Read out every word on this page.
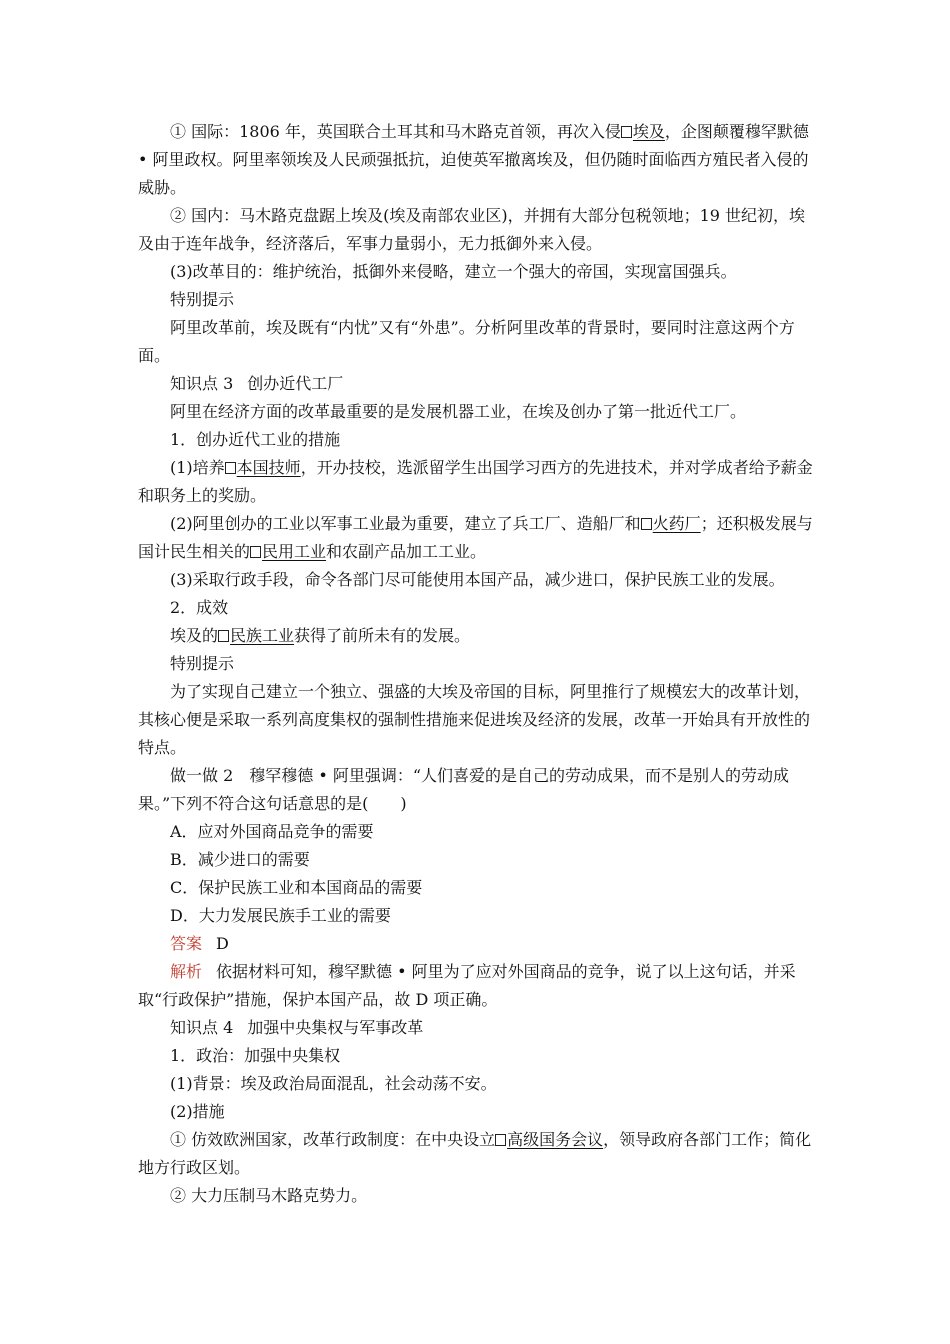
① 国际：1806 年，英国联合土耳其和马木路克首领，再次入侵 埃及，企图颠覆穆罕默德 • 阿里政权。阿里率领埃及人民顽强抵抗，迫使英军撤离埃及，但仍随时面临西方殖民者入侵的威胁。

② 国内：马木路克盘踞上埃及(埃及南部农业区)，并拥有大部分包税领地；19 世纪初，埃及由于连年战争，经济落后，军事力量弱小，无力抵御外来入侵。

(3)改革目的：维护统治，抵御外来侵略，建立一个强大的帝国，实现富国强兵。

特别提示

阿里改革前，埃及既有“内忧”又有“外患”。分析阿里改革的背景时，要同时注意这两个方面。

知识点 3 创办近代工厂

阿里在经济方面的改革最重要的是发展机器工业，在埃及创办了第一批近代工厂。

1．创办近代工业的措施

(1)培养 本国技师，开办技校，选派留学生出国学习西方的先进技术，并对学成者给予薪金和职务上的奖励。

(2)阿里创办的工业以军事工业最为重要，建立了兵工厂、造船厂和 火药厂；还积极发展与国计民生相关的 民用工业和农副产品加工工业。

(3)采取行政手段，命令各部门尽可能使用本国产品，减少进口，保护民族工业的发展。

2．成效

埃及的 民族工业获得了前所未有的发展。

特别提示

为了实现自己建立一个独立、强盛的大埃及帝国的目标，阿里推行了规模宏大的改革计划，其核心便是采取一系列高度集权的强制性措施来促进埃及经济的发展，改革一开始具有开放性的特点。

做一做 2　穆罕穆德 • 阿里强调：“人们喜爱的是自己的劳动成果，而不是别人的劳动成果。”下列不符合这句话意思的是(　　)

A．应对外国商品竞争的需要

B．减少进口的需要

C．保护民族工业和本国商品的需要

D．大力发展民族手工业的需要

答案 D

解析 依据材料可知，穆罕默德 • 阿里为了应对外国商品的竞争，说了以上这句话，并采取“行政保护”措施，保护本国产品，故 D 项正确。

知识点 4 加强中央集权与军事改革

1．政治：加强中央集权

(1)背景：埃及政治局面混乱，社会动荡不安。

(2)措施

① 仿效欧洲国家，改革行政制度：在中央设立 高级国务会议，领导政府各部门工作；简化地方行政区划。

② 大力压制马木路克势力。
